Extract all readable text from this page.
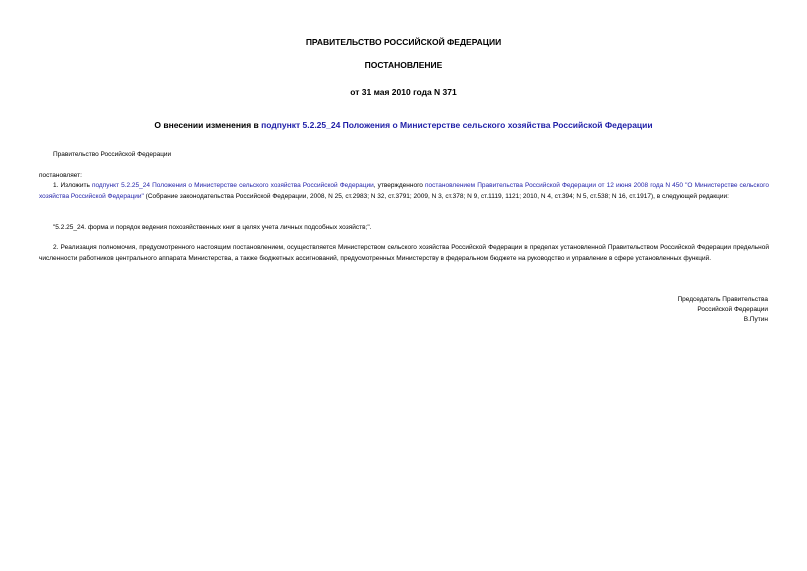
ПРАВИТЕЛЬСТВО РОССИЙСКОЙ ФЕДЕРАЦИИ
ПОСТАНОВЛЕНИЕ
от 31 мая 2010 года N 371
О внесении изменения в подпункт 5.2.25_24 Положения о Министерстве сельского хозяйства Российской Федерации
Правительство Российской Федерации
постановляет:
1. Изложить подпункт 5.2.25_24 Положения о Министерстве сельского хозяйства Российской Федерации, утвержденного постановлением Правительства Российской Федерации от 12 июня 2008 года N 450 "О Министерстве сельского хозяйства Российской Федерации" (Собрание законодательства Российской Федерации, 2008, N 25, ст.2983; N 32, ст.3791; 2009, N 3, ст.378; N 9, ст.1119, 1121; 2010, N 4, ст.394; N 5, ст.538; N 16, ст.1917), в следующей редакции:
"5.2.25_24. форма и порядок ведения похозяйственных книг в целях учета личных подсобных хозяйств;".
2. Реализация полномочия, предусмотренного настоящим постановлением, осуществляется Министерством сельского хозяйства Российской Федерации в пределах установленной Правительством Российской Федерации предельной численности работников центрального аппарата Министерства, а также бюджетных ассигнований, предусмотренных Министерству в федеральном бюджете на руководство и управление в сфере установленных функций.
Председатель Правительства
Российской Федерации
В.Путин
